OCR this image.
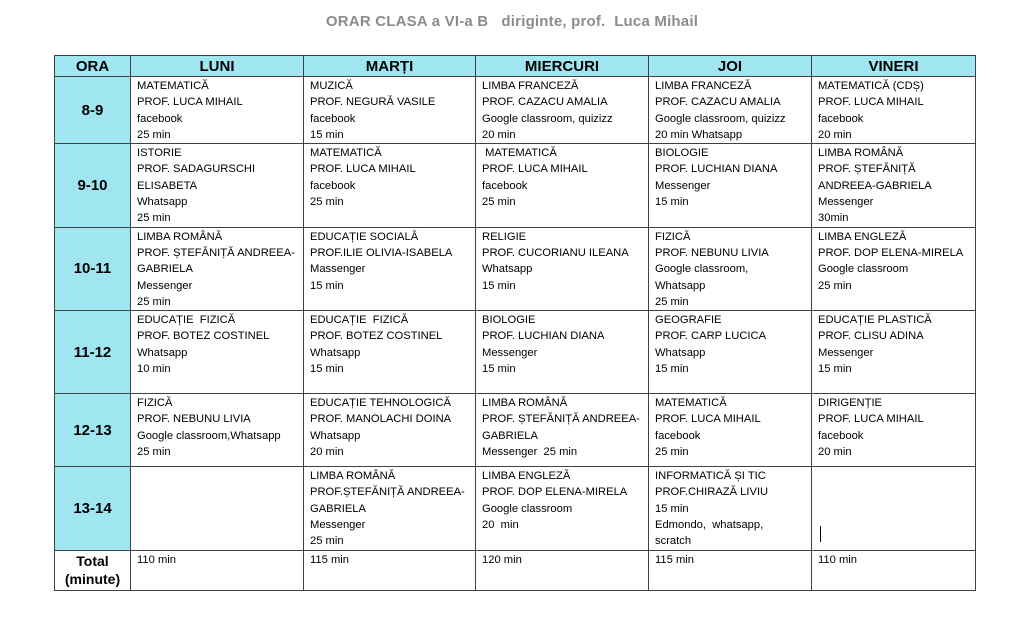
ORAR CLASA a VI-a B   diriginte, prof.  Luca Mihail
ORA	LUNI	MARȚI	MIERCURI	JOI	VINERI
8-9	MATEMATICĂ
PROF. LUCA MIHAIL
facebook
25 min	MUZICĂ
PROF. NEGURĂ VASILE
facebook
15 min	LIMBA FRANCEZĂ
PROF. CAZACU AMALIA
Google classroom, quizizz
20 min	LIMBA FRANCEZĂ
PROF. CAZACU AMALIA
Google classroom, quizizz
20 min Whatsapp	MATEMATICĂ (CDȘ)
PROF. LUCA MIHAIL
facebook
20 min

9-10	ISTORIE
PROF. SADAGURSCHI
ELISABETA
Whatsapp
25 min	MATEMATICĂ
PROF. LUCA MIHAIL
facebook
25 min	MATEMATICĂ
PROF. LUCA MIHAIL
facebook
25 min	BIOLOGIE
PROF. LUCHIAN DIANA
Messenger
15 min	LIMBA ROMÂNĂ
PROF. ȘTEFĂNIȚĂ
ANDREEA-GABRIELA
Messenger
30min

10-11	LIMBA ROMÂNĂ
PROF. ȘTEFĂNIȚĂ ANDREEA-
GABRIELA
Messenger
25 min	EDUCAȚIE SOCIALĂ
PROF.ILIE OLIVIA-ISABELA
Massenger
15 min	RELIGIE
PROF. CUCORIANU ILEANA
Whatsapp
15 min	FIZICĂ
PROF. NEBUNU LIVIA
Google classroom,
Whatsapp
25 min	LIMBA ENGLEZĂ
PROF. DOP ELENA-MIRELA
Google classroom
25 min

11-12	EDUCAȚIE  FIZICĂ
PROF. BOTEZ COSTINEL
Whatsapp
10 min	EDUCAȚIE  FIZICĂ
PROF. BOTEZ COSTINEL
Whatsapp
15 min	BIOLOGIE
PROF. LUCHIAN DIANA
Messenger
15 min	GEOGRAFIE
PROF. CARP LUCICA
Whatsapp
15 min	EDUCAȚIE PLASTICĂ
PROF. CLISU ADINA
Messenger
15 min

12-13	FIZICĂ
PROF. NEBUNU LIVIA
Google classroom,Whatsapp
25 min	EDUCAȚIE TEHNOLOGICĂ
PROF. MANOLACHI DOINA
Whatsapp
20 min	LIMBA ROMÂNĂ
PROF. ȘTEFĂNIȚĂ ANDREEA-
GABRIELA
Messenger  25 min	MATEMATICĂ
PROF. LUCA MIHAIL
facebook
25 min	DIRIGENȚIE
PROF. LUCA MIHAIL
facebook
20 min

13-14		LIMBA ROMÂNĂ
PROF.ȘTEFĂNIȚĂ ANDREEA-
GABRIELA
Messenger
25 min	LIMBA ENGLEZĂ
PROF. DOP ELENA-MIRELA
Google classroom
20  min	INFORMATICĂ ȘI TIC
PROF.CHIRAZĂ LIVIU
15 min
Edmondo,  whatsapp,
scratch	

Total
(minute)	110 min	115 min	120 min	115 min	110 min
